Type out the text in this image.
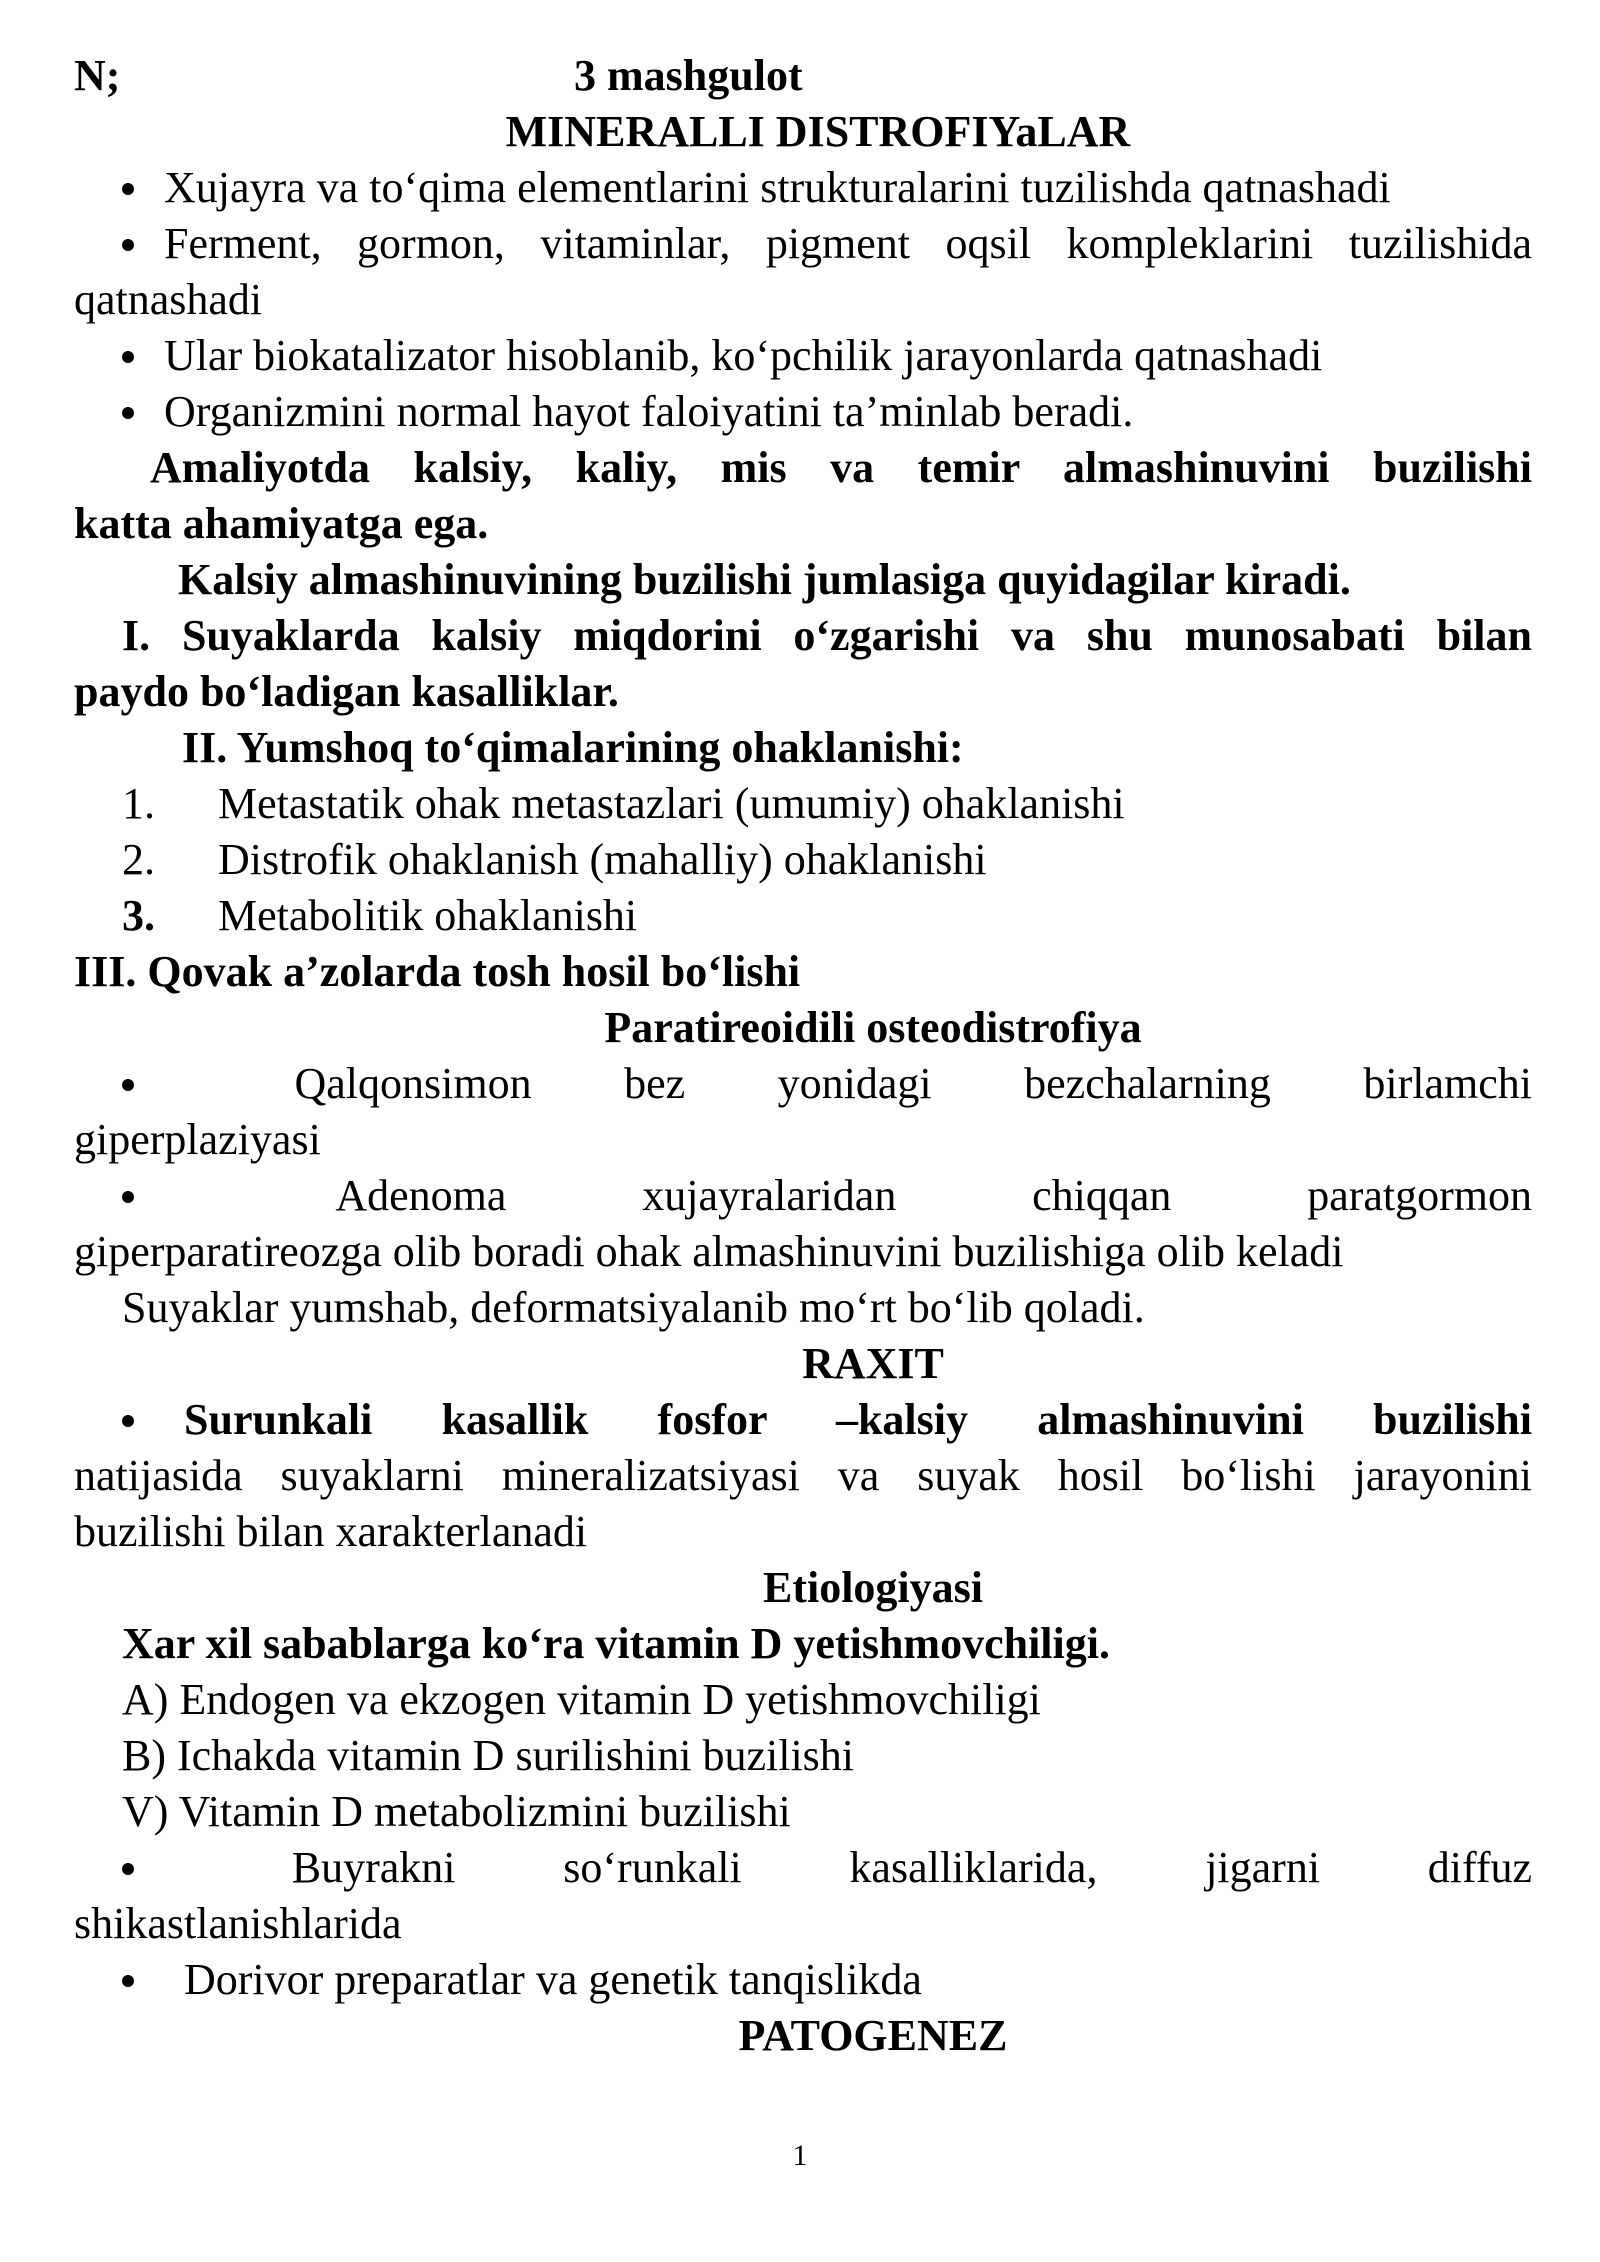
N;	3 mashgulot
MINERALLI DISTROFIYaLAR
Xujayra va to‘qima elementlarini strukturalarini tuzilishda qatnashadi
Ferment, gormon, vitaminlar, pigment oqsil kompleklarini tuzilishida
qatnashadi
Ular biokatalizator hisoblanib, ko‘pchilik jarayonlarda qatnashadi
Organizmini normal hayot faloiyatini ta’minlab beradi.
Amaliyotda kalsiy, kaliy, mis va temir almashinuvini buzilishi
katta ahamiyatga ega.
Kalsiy almashinuvining buzilishi jumlasiga quyidagilar kiradi.
I. Suyaklarda kalsiy miqdorini o‘zgarishi va shu munosabati bilan
paydo bo‘ladigan kasalliklar.
II. Yumshoq to‘qimalarining ohaklanishi:
1. Metastatik ohak metastazlari (umumiy) ohaklanishi
2. Distrofik ohaklanish (mahalliy) ohaklanishi
3. Metabolitik ohaklanishi
III. Qovak a’zolarda tosh hosil bo‘lishi
Paratireoidili osteodistrofiya
Qalqonsimon bez yonidagi bezchalarning birlamchi
giperplaziyasi
Adenoma	xujayralaridan	chiqqan	paratgormon
giperparatireozga olib boradi ohak almashinuvini buzilishiga olib keladi
Suyaklar yumshab, deformatsiyalanib mo‘rt bo‘lib qoladi.
RAXIT
Surunkali kasallik fosfor –kalsiy almashinuvini buzilishi
natijasida suyaklarni mineralizatsiyasi va suyak hosil bo‘lishi jarayonini
buzilishi bilan xarakterlanadi
Etiologiyasi
Xar xil sabablarga ko‘ra vitamin D yetishmovchiligi.
A) Endogen va ekzogen vitamin D yetishmovchiligi
B) Ichakda vitamin D surilishini buzilishi
V) Vitamin D metabolizmini buzilishi
Buyrakni so‘runkali kasalliklarida, jigarni diffuz
shikastlanishlarida
Dorivor preparatlar va genetik tanqislikda
PATOGENEZ
1
